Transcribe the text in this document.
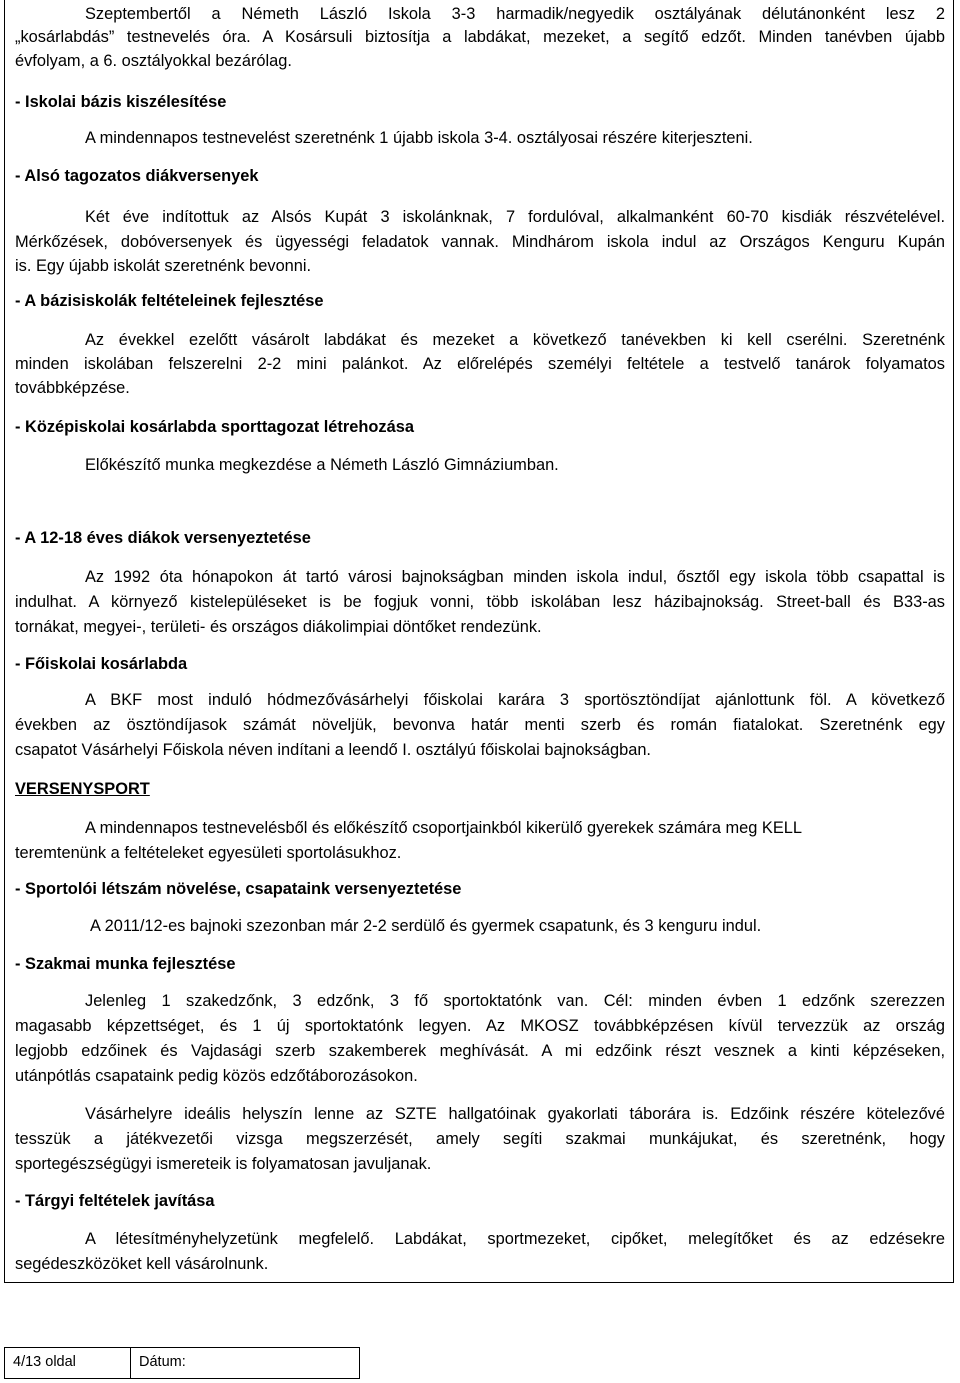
Szeptembertől a Németh László Iskola 3-3 harmadik/negyedik osztályának délutánonként lesz 2
„kosárlabdás” testnevelés óra. A Kosársuli biztosítja a labdákat, mezeket, a segítő edzőt. Minden tanévben újabb
évfolyam, a 6. osztályokkal bezárólag.
- Iskolai bázis kiszélesítése
A mindennapos testnevelést szeretnénk 1 újabb iskola 3-4. osztályosai részére kiterjeszteni.
- Alsó tagozatos diákversenyek
Két éve indítottuk az Alsós Kupát 3 iskolánknak, 7 fordulóval, alkalmanként 60-70 kisdiák részvételével.
Mérkőzések, dobóversenyek és ügyességi feladatok vannak. Mindhárom iskola indul az Országos Kenguru Kupán
is. Egy újabb iskolát szeretnénk bevonni.
- A bázisiskolák feltételeinek fejlesztése
Az évekkel ezelőtt vásárolt labdákat és mezeket a következő tanévekben ki kell cserélni. Szeretnénk
minden iskolában felszerelni 2-2 mini palánkot. Az előrelépés személyi feltétele a testvelő tanárok folyamatos
továbbképzése.
- Középiskolai kosárlabda sporttagozat létrehozása
Előkészítő munka megkezdése a Németh László Gimnáziumban.
- A 12-18 éves diákok versenyeztetése
Az 1992 óta hónapokon át tartó városi bajnokságban minden iskola indul, ősztől egy iskola több csapattal is
indulhat. A környező kistelepüléseket is be fogjuk vonni, több iskolában lesz házibajnokság. Street-ball és B33-as
tornákat, megyei-, területi- és országos diákolimpiai döntőket rendezünk.
- Főiskolai kosárlabda
A BKF most induló hódmezővásárhelyi főiskolai karára 3 sportösztöndíjat ajánlottunk föl. A következő
években az ösztöndíjasok számát növeljük, bevonva határ menti szerb és román fiatalokat. Szeretnénk egy
csapatot Vásárhelyi Főiskola néven indítani a leendő I. osztályú főiskolai bajnokságban.
VERSENYSPORT
A mindennapos testnevelésből és előkészítő csoportjainkból kikerülő gyerekek számára meg KELL
teremtenünk a feltételeket egyesületi sportolásukhoz.
- Sportolói létszám növelése, csapataink versenyeztetése
A 2011/12-es bajnoki szezonban már 2-2 serdülő és gyermek csapatunk, és 3 kenguru indul.
- Szakmai munka fejlesztése
Jelenleg 1 szakedzőnk, 3 edzőnk, 3 fő sportoktatónk van. Cél: minden évben 1 edzőnk szerezzen
magasabb képzettséget, és 1 új sportoktatónk legyen. Az MKOSZ továbbképzésen kívül tervezzük az ország
legjobb edzőinek és Vajdasági szerb szakemberek meghívását. A mi edzőink részt vesznek a kinti képzéseken,
utánpótlás csapataink pedig közös edzőtáborozásokon.
Vásárhelyre ideális helyszín lenne az SZTE hallgatóinak gyakorlati táborára is. Edzőink részére kötelezővé
tesszük a játékvezetői vizsga megszerzését, amely segíti szakmai munkájukat, és szeretnénk, hogy
sportegészségügyi ismereteik is folyamatosan javuljanak.
- Tárgyi feltételek javítása
A létesítményhelyzetünk megfelelő. Labdákat, sportmezeket, cipőket, melegítőket és az edzésekre
segédeszközöket kell vásárolnunk.
4/13 oldal	Dátum:
